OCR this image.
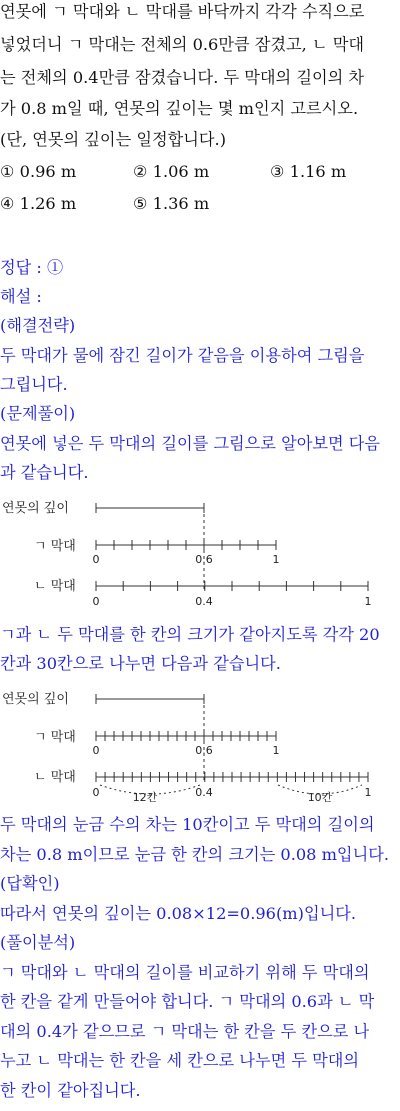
연못에 ㄱ 막대와 ㄴ 막대를 바닥까지 각각 수직으로
넣었더니 ㄱ 막대는 전체의 0.6만큼 잠겼고, ㄴ 막대
는 전체의 0.4만큼 잠겼습니다. 두 막대의 길이의 차
가 0.8 m일 때, 연못의 깊이는 몇 m인지 고르시오.
(단, 연못의 깊이는 일정합니다.)
① 0.96 m	② 1.06 m	③ 1.16 m
④ 1.26 m	⑤ 1.36 m
정답 : ①
해설 :
(해결전략)
두 막대가 물에 잠긴 길이가 같음을 이용하여 그림을
그립니다.
(문제풀이)
연못에 넣은 두 막대의 길이를 그림으로 알아보면 다음
과 같습니다.
연못의 깊이
ㄱ 막대
0	0.6	1
ㄴ 막대
0	0.4	1
ㄱ과 ㄴ 두 막대를 한 칸의 크기가 같아지도록 각각 20
칸과 30칸으로 나누면 다음과 같습니다.
연못의 깊이
ㄱ 막대
0	0.6	1
ㄴ 막대
0	0.4	1
12칸	10칸
두 막대의 눈금 수의 차는 10칸이고 두 막대의 길이의
차는 0.8 m이므로 눈금 한 칸의 크기는 0.08 m입니다.
(답확인)
따라서 연못의 깊이는 0.08×12=0.96(m)입니다.
(풀이분석)
ㄱ 막대와 ㄴ 막대의 길이를 비교하기 위해 두 막대의
한 칸을 같게 만들어야 합니다. ㄱ 막대의 0.6과 ㄴ 막
대의 0.4가 같으므로 ㄱ 막대는 한 칸을 두 칸으로 나
누고 ㄴ 막대는 한 칸을 세 칸으로 나누면 두 막대의
한 칸이 같아집니다.
